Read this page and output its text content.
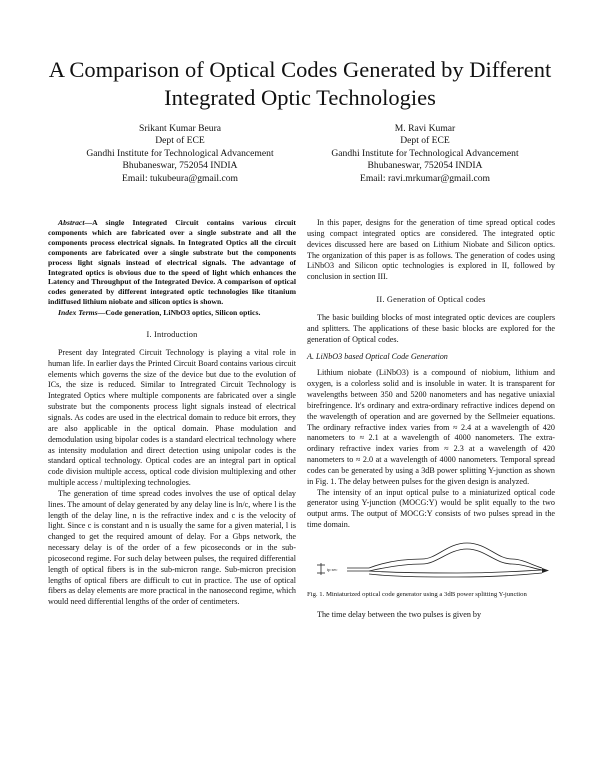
A Comparison of Optical Codes Generated by Different Integrated Optic Technologies
Srikant Kumar Beura
Dept of ECE
Gandhi Institute for Technological Advancement
Bhubaneswar, 752054 INDIA
Email: tukubeura@gmail.com
M. Ravi Kumar
Dept of ECE
Gandhi Institute for Technological Advancement
Bhubaneswar, 752054 INDIA
Email: ravi.mrkumar@gmail.com

Abstract—A single Integrated Circuit contains various circuit components which are fabricated over a single substrate and all the components process electrical signals. In Integrated Optics all the circuit components are fabricated over a single substrate but the components process light signals instead of electrical signals. The advantage of Integrated optics is obvious due to the speed of light which enhances the Latency and Throughput of the Integrated Device. A comparison of optical codes generated by different integrated optic technologies like titanium indiffused lithium niobate and silicon optics is shown.

Index Terms—Code generation, LiNbO3 optics, Silicon optics.

I. Introduction

Present day Integrated Circuit Technology is playing a vital role in human life. In earlier days the Printed Circuit Board contains various circuit elements which governs the size of the device but due to the evolution of ICs, the size is reduced. Similar to Intregrated Circuit Technology is Integrated Optics where multiple components are fabricated over a single substrate but the components process light signals instead of electrical signals. As codes are used in the electrical domain to reduce bit errors, they are also applicable in the optical domain. Phase modulation and demodulation using bipolar codes is a standard electrical technology where as intensity modulation and direct detection using unipolar codes is the standard optical technology. Optical codes are an integral part in optical code division multiple access, optical code division multiplexing and other multiple access / multiplexing technologies.

The generation of time spread codes involves the use of optical delay lines. The amount of delay generated by any delay line is ln/c, where l is the length of the delay line, n is the refractive index and c is the velocity of light. Since c is constant and n is usually the same for a given material, l is changed to get the required amount of delay. For a Gbps network, the necessary delay is of the order of a few picoseconds or in the sub-picosecond regime. For such delay between pulses, the required differential length of optical fibers is in the sub-micron range. Sub-micron precision lengths of optical fibers are difficult to cut in practice. The use of optical fibers as delay elements are more practical in the nanosecond regime, which would need differential lengths of the order of centimeters.

In this paper, designs for the generation of time spread optical codes using compact integrated optics are considered. The integrated optic devices discussed here are based on Lithium Niobate and Silicon optics. The organization of this paper is as follows. The generation of codes using LiNbO3 and Silicon optic technologies is explored in II, followed by conclusion in section III.

II. Generation of Optical codes

The basic building blocks of most integrated optic devices are couplers and splitters. The applications of these basic blocks are explored for the generation of Optical codes.

A. LiNbO3 based Optical Code Generation

Lithium niobate (LiNbO3) is a compound of niobium, lithium and oxygen, is a colorless solid and is insoluble in water. It is transparent for wavelengths between 350 and 5200 nanometers and has negative uniaxial birefringence. It's ordinary and extra-ordinary refractive indices depend on the wavelength of operation and are governed by the Sellmeier equations. The ordinary refractive index varies from ≈ 2.4 at a wavelength of 420 nanometers to ≈ 2.1 at a wavelength of 4000 nanometers. The extra-ordinary refractive index varies from ≈ 2.3 at a wavelength of 420 nanometers to ≈ 2.0 at a wavelength of 4000 nanometers. Temporal spread codes can be generated by using a 3dB power splitting Y-junction as shown in Fig. 1. The delay between pulses for the given design is analyzed.

The intensity of an input optical pulse to a miniaturized optical code generator using Y-junction (MOCG:Y) would be split equally to the two output arms. The output of MOCG:Y consists of two pulses spread in the time domain.

tp sec

Fig. 1. Miniaturized optical code generator using a 3dB power splitting Y-junction

The time delay between the two pulses is given by
